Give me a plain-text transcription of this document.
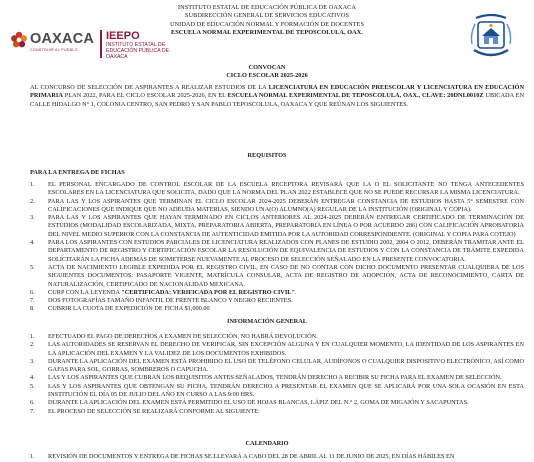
OAXACA
CONSTRUIR AL PUEBLO
IEEPO
INSTITUTO ESTATAL DE EDUCACIÓN PÚBLICA DE OAXACA
INSTITUTO ESTATAL DE EDUCACIÓN PÚBLICA DE OAXACA
SUBDIRECCIÓN GENERAL DE SERVICIOS EDUCATIVOS
UNIDAD DE EDUCACIÓN NORMAL Y FORMACIÓN DE DOCENTES
ESCUELA NORMAL EXPERIMENTAL DE TEPOSCOLULA, OAX.
CONVOCAN
CICLO ESCOLAR 2025-2026
AL CONCURSO DE SELECCIÓN DE ASPIRANTES A REALIZAR ESTUDIOS DE LA LICENCIATURA EN EDUCACIÓN PREESCOLAR Y LICENCIATURA EN EDUCACIÓN PRIMARIA PLAN 2022, PARA EL CICLO ESCOLAR 2025-2026, EN EL ESCUELA NORMAL EXPERIMENTAL DE TEPOSCOLULA, OAX., CLAVE: 20DNL0010Z UBICADA EN CALLE HIDALGO N° 1, COLONIA CENTRO, SAN PEDRO Y SAN PABLO TEPOSCOLULA, OAXACA Y QUE REÚNAN LOS SIGUIENTES.
REQUISITOS
PARA LA ENTREGA DE FICHAS
1. EL PERSONAL ENCARGADO DE CONTROL ESCOLAR DE LA ESCUELA RECEPTORA REVISARÁ QUE LA O EL SOLICITANTE NO TENGA ANTECEDENTES ESCOLARES EN LA LICENCIATURA QUE SOLICITA, DADO QUE LA NORMA DEL PLAN 2022 ESTABLECE QUE NO SE PUEDE RECURSAR LA MISMA LICENCIATURA.
2. PARA LAS Y LOS ASPIRANTES QUE TERMINAN EL CICLO ESCOLAR 2024-2025 DEBERÁN ENTREGAR CONSTANCIA DE ESTUDIOS HASTA 5° SEMESTRE CON CALIFICACIONES QUE INDIQUE QUE NO ADEUDA MATERIAS, SIENDO UNA(O) ALUMNO(A) REGULAR DE LA INSTITUCIÓN (ORIGINAL Y COPIA).
3. PARA LAS Y LOS ASPIRANTES QUE HAYAN TERMINADO EN CICLOS ANTERIORES AL 2024-2025 DEBERÁN ENTREGAR CERTIFICADO DE TERMINACIÓN DE ESTUDIOS (MODALIDAD ESCOLARIZADA, MIXTA, PREPARATORIA ABIERTA, PREPARATORIA EN LÍNEA O POR ACUERDO 286) CON CALIFICACIÓN APROBATORIA DEL NIVEL MEDIO SUPERIOR CON LA CONSTANCIA DE AUTENTICIDAD EMITIDA POR LA AUTORIDAD CORRESPONDIENTE. (ORIGINAL Y COPIA PARA COTEJO)
4. PARA LOS ASPIRANTES CON ESTUDIOS PARCIALES DE LICENCIATURA REALIZADOS CON PLANES DE ESTUDIO 2002, 2004 O 2012, DEBERÁN TRAMITAR ANTE EL DEPARTAMENTO DE REGISTRO Y CERTIFICACIÓN ESCOLAR LA RESOLUCIÓN DE EQUIVALENCIA DE ESTUDIOS Y CON LA CONSTANCIA DE TRÁMITE EXPEDIDA SOLICITARÁN LA FICHA ADEMÁS DE SOMETERSE NUEVAMENTE AL PROCESO DE SELECCIÓN SEÑALADO EN LA PRESENTE CONVOCATORIA.
5. ACTA DE NACIMIENTO LEGIBLE EXPEDIDA POR EL REGISTRO CIVIL, EN CASO DE NO CONTAR CON DICHO DOCUMENTO PRESENTAR CUALQUIERA DE LOS SIGUIENTES DOCUMENTOS: PASAPORTE VIGENTE, MATRÍCULA CONSULAR, ACTA DE REGISTRO DE ADOPCIÓN, ACTA DE RECONOCIMIENTO, CARTA DE NATURALIZACIÓN, CERTIFICADO DE NACIONALIDAD MEXICANA.
6. CURP CON LA LEYENDA "CERTIFICADA: VERIFICADA POR EL REGISTRO CIVIL".
7. DOS FOTOGRAFÍAS TAMAÑO INFANTIL DE FRENTE BLANCO Y NEGRO RECIENTES.
8. CUBRIR LA CUOTA DE EXPEDICIÓN DE FICHA $1,000.00
INFORMACIÓN GENERAL
1. EFECTUADO EL PAGO DE DERECHOS A EXAMEN DE SELECCIÓN, NO HABRÁ DEVOLUCIÓN.
2. LAS AUTORIDADES SE RESERVAN EL DERECHO DE VERIFICAR, SIN EXCEPCIÓN ALGUNA Y EN CUALQUIER MOMENTO, LA IDENTIDAD DE LOS ASPIRANTES EN LA APLICACIÓN DEL EXAMEN Y LA VALIDEZ DE LOS DOCUMENTOS EXHIBIDOS.
3. DURANTE LA APLICACIÓN DEL EXAMEN ESTÁ PROHIBIDO EL USO DE TELÉFONO CELULAR, AUDÍFONOS O CUALQUIER DISPOSITIVO ELECTRÓNICO, ASÍ COMO GAFAS PARA SOL, GORRAS, SOMBREROS O CAPUCHA.
4. LAS Y LOS ASPIRANTES QUE CUBRAN LOS REQUISITOS ANTES SEÑALADOS, TENDRÁN DERECHO A RECIBIR SU FICHA PARA EL EXAMEN DE SELECCIÓN.
5. LAS Y LOS ASPIRANTES QUE OBTENGAN SU FICHA, TENDRÁN DERECHO A PRESENTAR EL EXAMEN QUE SE APLICARÁ POR UNA SOLA OCASIÓN EN ESTA INSTITUCIÓN EL DÍA 05 DE JULIO DEL AÑO EN CURSO A LAS 9:00 HRS.
6. DURANTE LA APLICACIÓN DEL EXAMEN ESTÁ PERMITIDO EL USO DE HOJAS BLANCAS, LÁPIZ DEL N.° 2, GOMA DE MIGAJÓN Y SACAPUNTAS.
7. EL PROCESO DE SELECCIÓN SE REALIZARÁ CONFORME AL SIGUIENTE:
CALENDARIO
1. REVISIÓN DE DOCUMENTOS Y ENTREGA DE FICHAS SE LLEVARÁ A CABO DEL 28 DE ABRIL AL 11 DE JUNIO DE 2025, EN DÍAS HÁBILES EN
